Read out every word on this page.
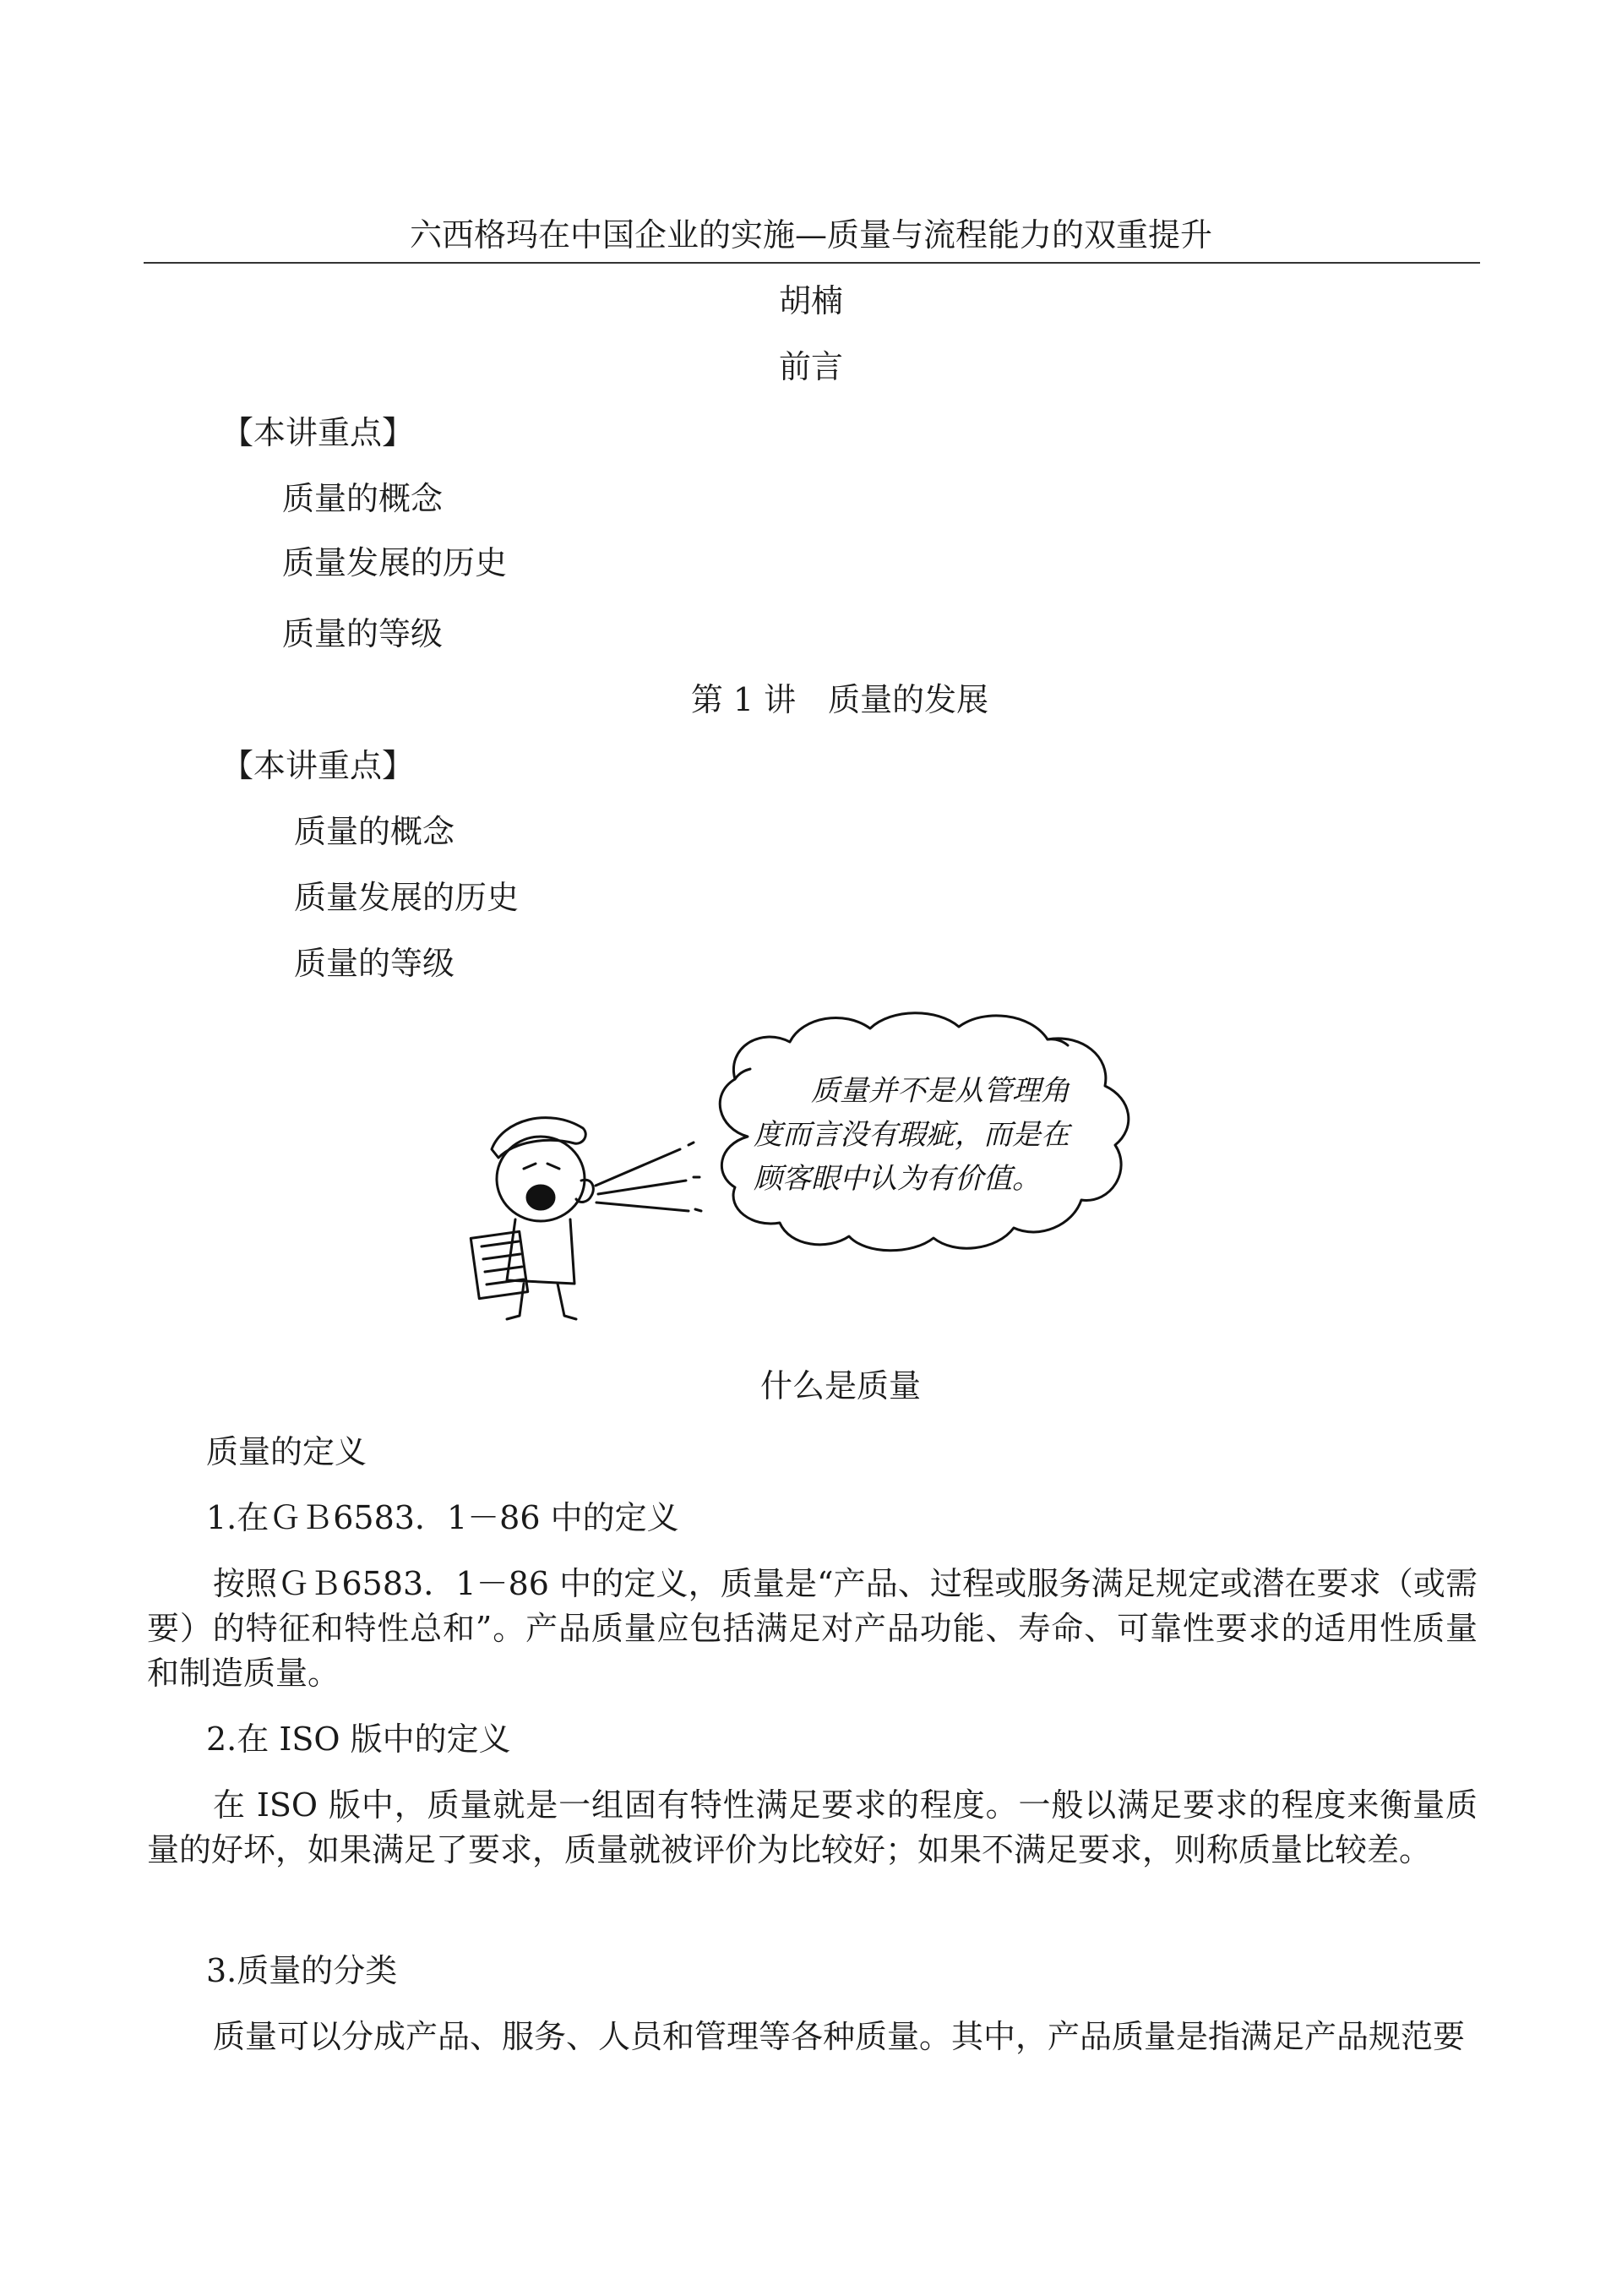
六西格玛在中国企业的实施—质量与流程能力的双重提升
胡楠
前言
【本讲重点】
质量的概念
质量发展的历史
质量的等级
第 1 讲　质量的发展
【本讲重点】
质量的概念
质量发展的历史
质量的等级
质量并不是从管理角
度而言没有瑕疵，而是在
顾客眼中认为有价值。
什么是质量
质量的定义
1.在ＧＢ6583．1－86 中的定义
按照ＧＢ6583．1－86 中的定义，质量是“产品、过程或服务满足规定或潜在要求（或需要）的特征和特性总和”。产品质量应包括满足对产品功能、寿命、可靠性要求的适用性质量和制造质量。
2.在 ISO 版中的定义
在 ISO 版中，质量就是一组固有特性满足要求的程度。一般以满足要求的程度来衡量质量的好坏，如果满足了要求，质量就被评价为比较好；如果不满足要求，则称质量比较差。
3.质量的分类
质量可以分成产品、服务、人员和管理等各种质量。其中，产品质量是指满足产品规范要
